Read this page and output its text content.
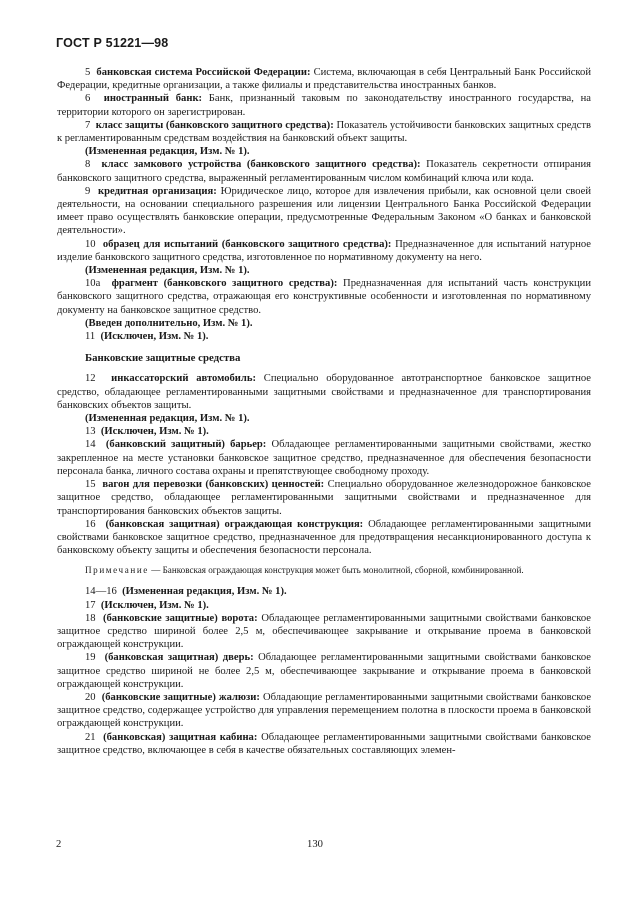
ГОСТ Р 51221—98

5 банковская система Российской Федерации: Система, включающая в себя Центральный Банк Российской Федерации, кредитные организации, а также филиалы и представительства иностранных банков.

6 иностранный банк: Банк, признанный таковым по законодательству иностранного государства, на территории которого он зарегистрирован.

7 класс защиты (банковского защитного средства): Показатель устойчивости банковских защитных средств к регламентированным средствам воздействия на банковский объект защиты.

(Измененная редакция, Изм. № 1).

8 класс замкового устройства (банковского защитного средства): Показатель секретности отпирания банковского защитного средства, выраженный регламентированным числом комбинаций ключа или кода.

9 кредитная организация: Юридическое лицо, которое для извлечения прибыли, как основной цели своей деятельности, на основании специального разрешения или лицензии Центрального Банка Российской Федерации имеет право осуществлять банковские операции, предусмотренные Федеральным Законом «О банках и банковской деятельности».

10 образец для испытаний (банковского защитного средства): Предназначенное для испытаний натурное изделие банковского защитного средства, изготовленное по нормативному документу на него.

(Измененная редакция, Изм. № 1).

10а фрагмент (банковского защитного средства): Предназначенная для испытаний часть конструкции банковского защитного средства, отражающая его конструктивные особенности и изготовленная по нормативному документу на банковское защитное средство.

(Введен дополнительно, Изм. № 1).

11 (Исключен, Изм. № 1).

Банковские защитные средства

12 инкассаторский автомобиль: Специально оборудованное автотранспортное банковское защитное средство, обладающее регламентированными защитными свойствами и предназначенное для транспортирования банковских объектов защиты.

(Измененная редакция, Изм. № 1).

13 (Исключен, Изм. № 1).

14 (банковский защитный) барьер: Обладающее регламентированными защитными свойствами, жестко закрепленное на месте установки банковское защитное средство, предназначенное для обеспечения безопасности персонала банка, личного состава охраны и препятствующее свободному проходу.

15 вагон для перевозки (банковских) ценностей: Специально оборудованное железнодорожное банковское защитное средство, обладающее регламентированными защитными свойствами и предназначенное для транспортирования банковских объектов защиты.

16 (банковская защитная) ограждающая конструкция: Обладающее регламентированными защитными свойствами банковское защитное средство, предназначенное для предотвращения несанкционированного доступа к банковскому объекту защиты и обеспечения безопасности персонала.

Примечание — Банковская ограждающая конструкция может быть монолитной, сборной, комбинированной.

14—16 (Измененная редакция, Изм. № 1).

17 (Исключен, Изм. № 1).

18 (банковские защитные) ворота: Обладающее регламентированными защитными свойствами банковское защитное средство шириной более 2,5 м, обеспечивающее закрывание и открывание проема в банковской ограждающей конструкции.

19 (банковская защитная) дверь: Обладающее регламентированными защитными свойствами банковское защитное средство шириной не более 2,5 м, обеспечивающее закрывание и открывание проема в банковской ограждающей конструкции.

20 (банковские защитные) жалюзи: Обладающие регламентированными защитными свойствами банковское защитное средство, содержащее устройство для управления перемещением полотна в плоскости проема в банковской ограждающей конструкции.

21 (банковская) защитная кабина: Обладающее регламентированными защитными свойствами банковское защитное средство, включающее в себя в качестве обязательных составляющих элемен-

2	130
